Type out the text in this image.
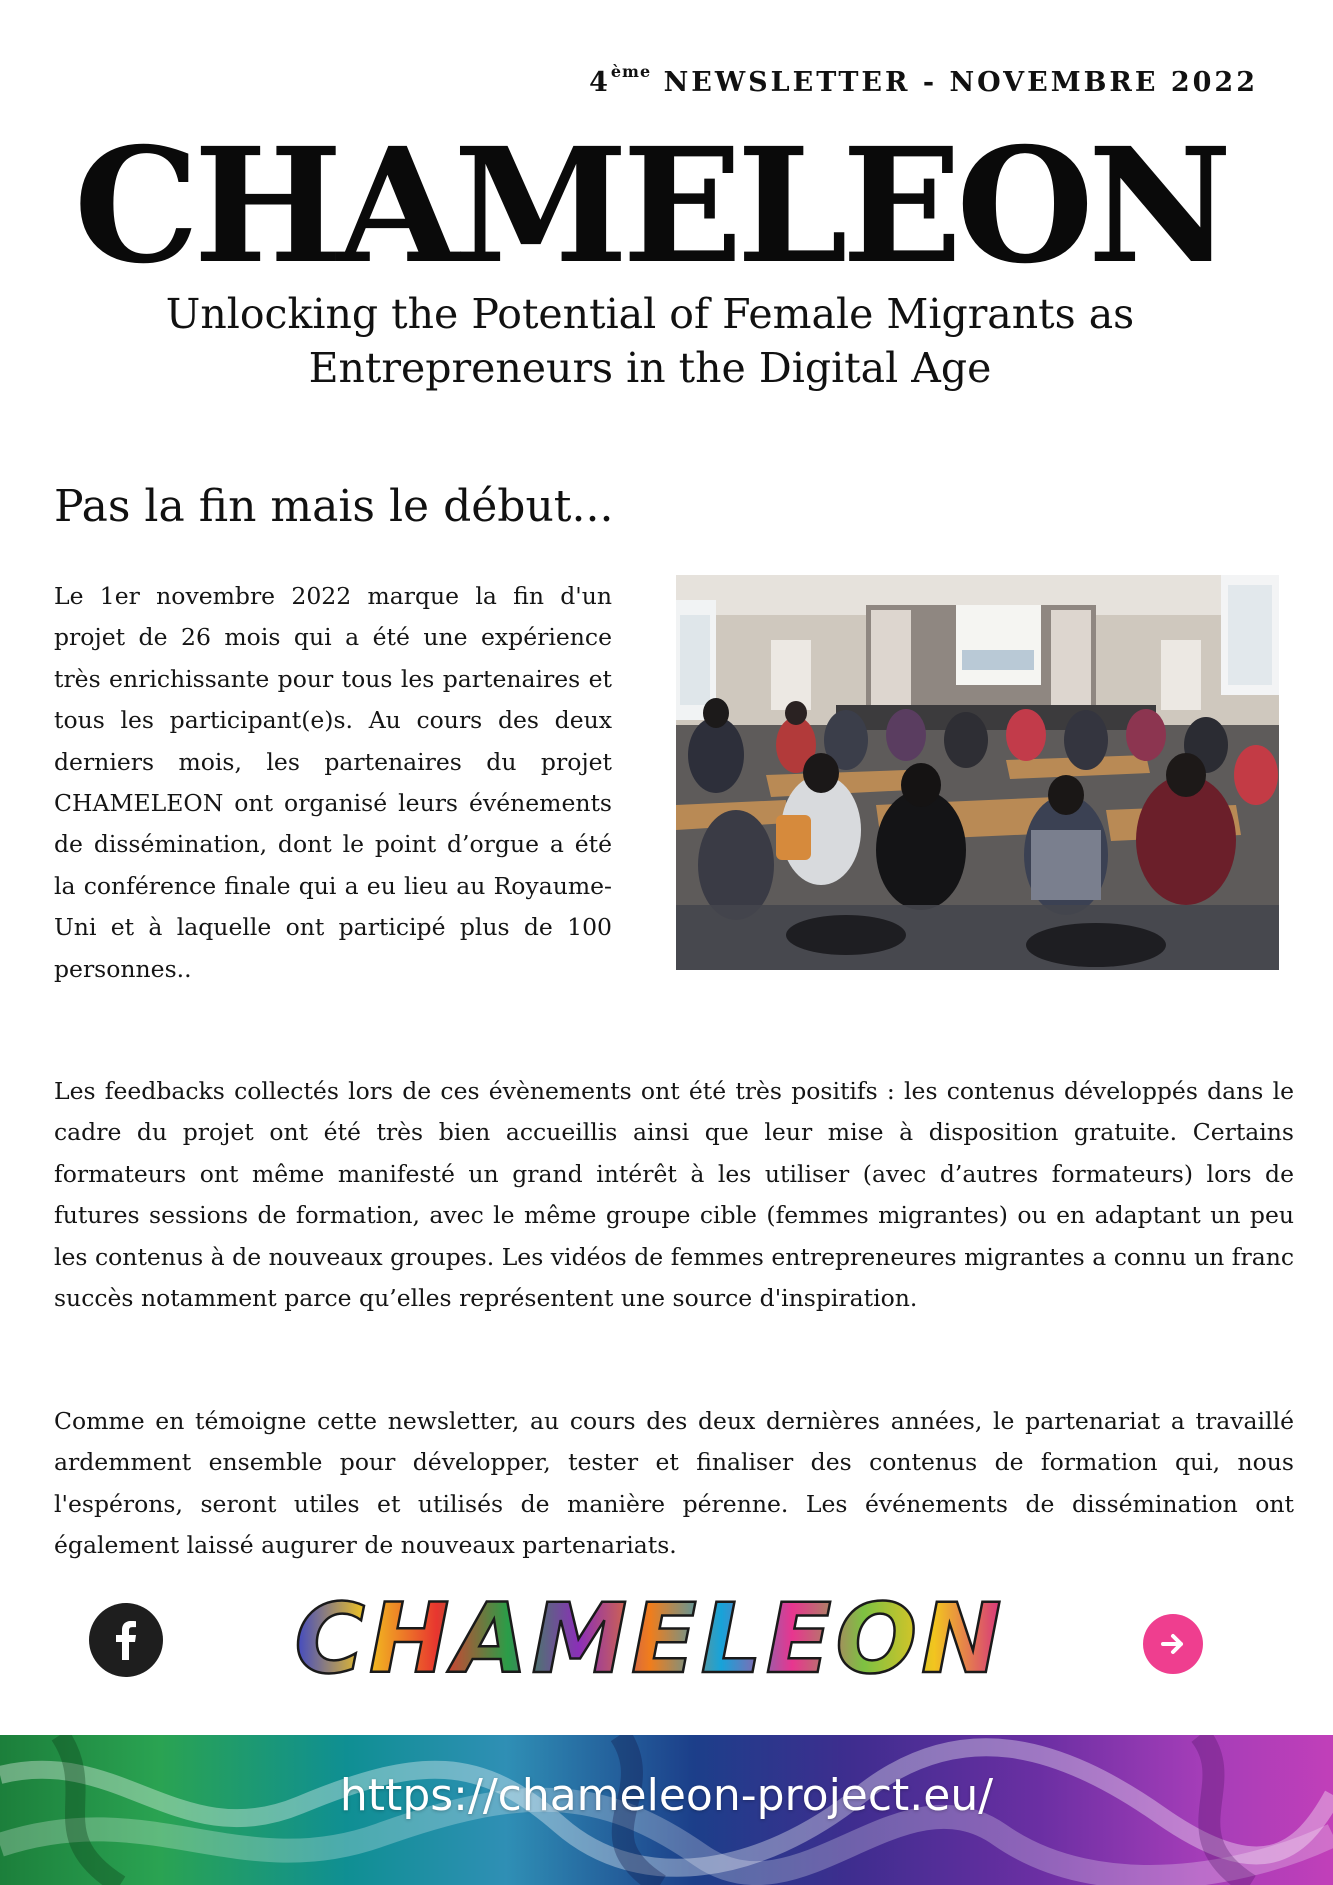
4ème NEWSLETTER - NOVEMBRE 2022
CHAMELEON
Unlocking the Potential of Female Migrants as
Entrepreneurs in the Digital Age
Pas la fin mais le début...

Le 1er novembre 2022 marque la fin d'un projet de 26 mois qui a été une expérience très enrichissante pour tous les partenaires et tous les participant(e)s. Au cours des deux derniers mois, les partenaires du projet CHAMELEON ont organisé leurs événements de dissémination, dont le point d’orgue a été la conférence finale qui a eu lieu au Royaume-Uni et à laquelle ont participé plus de 100 personnes..

Les feedbacks collectés lors de ces évènements ont été très positifs : les contenus développés dans le cadre du projet ont été très bien accueillis ainsi que leur mise à disposition gratuite. Certains formateurs ont même manifesté un grand intérêt à les utiliser (avec d’autres formateurs) lors de futures sessions de formation, avec le même groupe cible (femmes migrantes) ou en adaptant un peu les contenus à de nouveaux groupes. Les vidéos de femmes entrepreneures migrantes a connu un franc succès notamment parce qu’elles représentent une source d'inspiration.

Comme en témoigne cette newsletter, au cours des deux dernières années, le partenariat a travaillé ardemment ensemble pour développer, tester et finaliser des contenus de formation qui, nous l'espérons, seront utiles et utilisés de manière pérenne. Les événements de dissémination ont également laissé augurer de nouveaux partenariats.

CHAMELEON
https://chameleon-project.eu/
